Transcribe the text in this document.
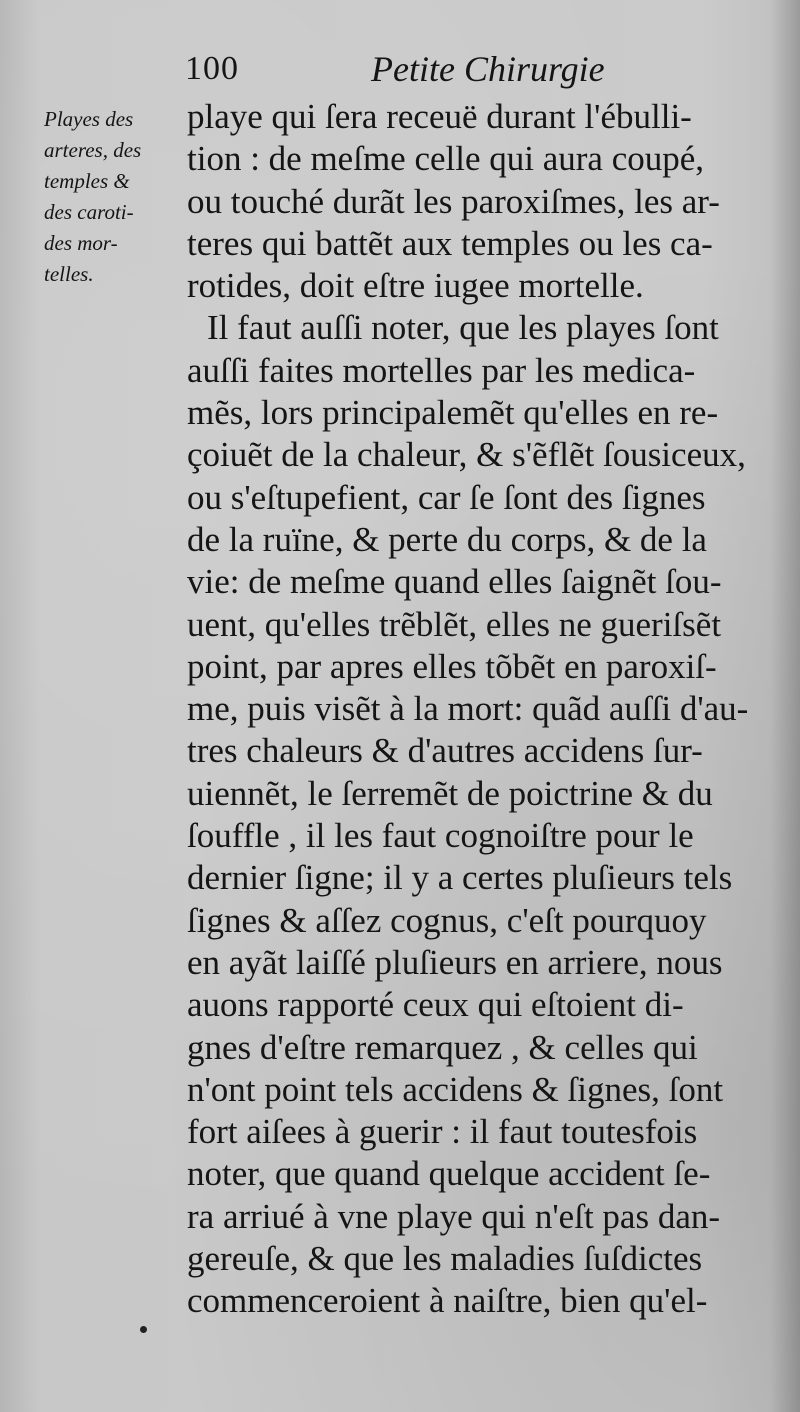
100	Petite Chirurgie
Playes des
arteres, des
temples &
des caroti-
des mor-
telles.
playe qui ſera receuë durant l'ébulli-
tion : de meſme celle qui aura coupé,
ou touché durãt les paroxiſmes, les ar-
teres qui battẽt aux temples ou les ca-
rotides, doit eſtre iugee mortelle.
Il faut auſſi noter, que les playes ſont
auſſi faites mortelles par les medica-
mẽs, lors principalemẽt qu'elles en re-
çoiuẽt de la chaleur, & s'ẽflẽt ſousiceux,
ou s'eſtupefient, car ſe ſont des ſignes
de la ruïne, & perte du corps, & de la
vie: de meſme quand elles ſaignẽt ſou-
uent, qu'elles trẽblẽt, elles ne gueriſsẽt
point, par apres elles tõbẽt en paroxiſ-
me, puis visẽt à la mort: quãd auſſi d'au-
tres chaleurs & d'autres accidens ſur-
uiennẽt, le ſerremẽt de poictrine & du
ſouffle , il les faut cognoiſtre pour le
dernier ſigne; il y a certes pluſieurs tels
ſignes & aſſez cognus, c'eſt pourquoy
en ayãt laiſſé pluſieurs en arriere, nous
auons rapporté ceux qui eſtoient di-
gnes d'eſtre remarquez , & celles qui
n'ont point tels accidens & ſignes, ſont
fort aiſees à guerir : il faut toutesfois
noter, que quand quelque accident ſe-
ra arriué à vne playe qui n'eſt pas dan-
gereuſe, & que les maladies ſuſdictes
commenceroient à naiſtre, bien qu'el-
